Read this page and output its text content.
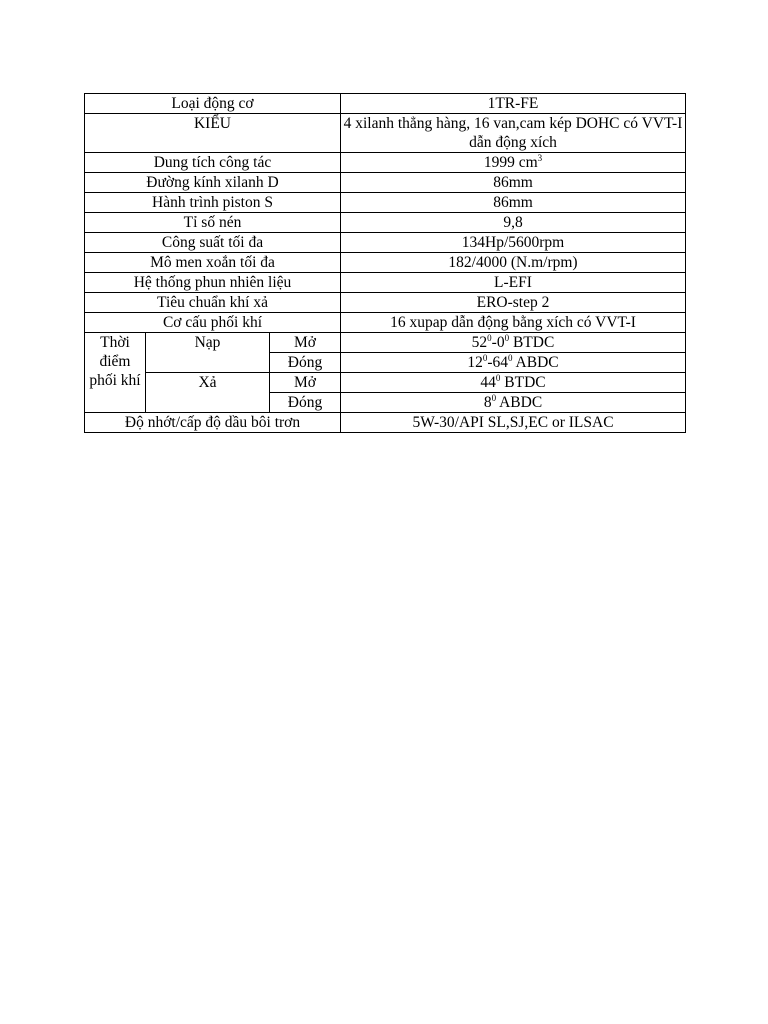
Loại động cơ			1TR-FE
KIỂU			4 xilanh thẳng hàng, 16 van,cam kép DOHC có VVT-I dẫn động xích
Dung tích công tác			1999 $cm^3$
Đường kính xilanh D			86mm
Hành trình piston S			86mm
Tỉ số nén			9,8
Công suất tối đa			134Hp/5600rpm
Mô men xoắn tối đa			182/4000 (N.m/rpm)
Hệ thống phun nhiên liệu			L-EFI
Tiêu chuẩn khí xả			ERO-step 2
Cơ cấu phối khí			16 xupap dẫn động bằng xích có VVT-I
Thời điểm phối khí	Nạp	Mở	$52^0-0^0$ BTDC
		Đóng	$12^0-64^0$ ABDC
	Xả	Mở	$44^0$ BTDC
		Đóng	$8^0$ ABDC
Độ nhớt/cấp độ dầu bôi trơn			5W-30/API SL,SJ,EC or ILSAC
